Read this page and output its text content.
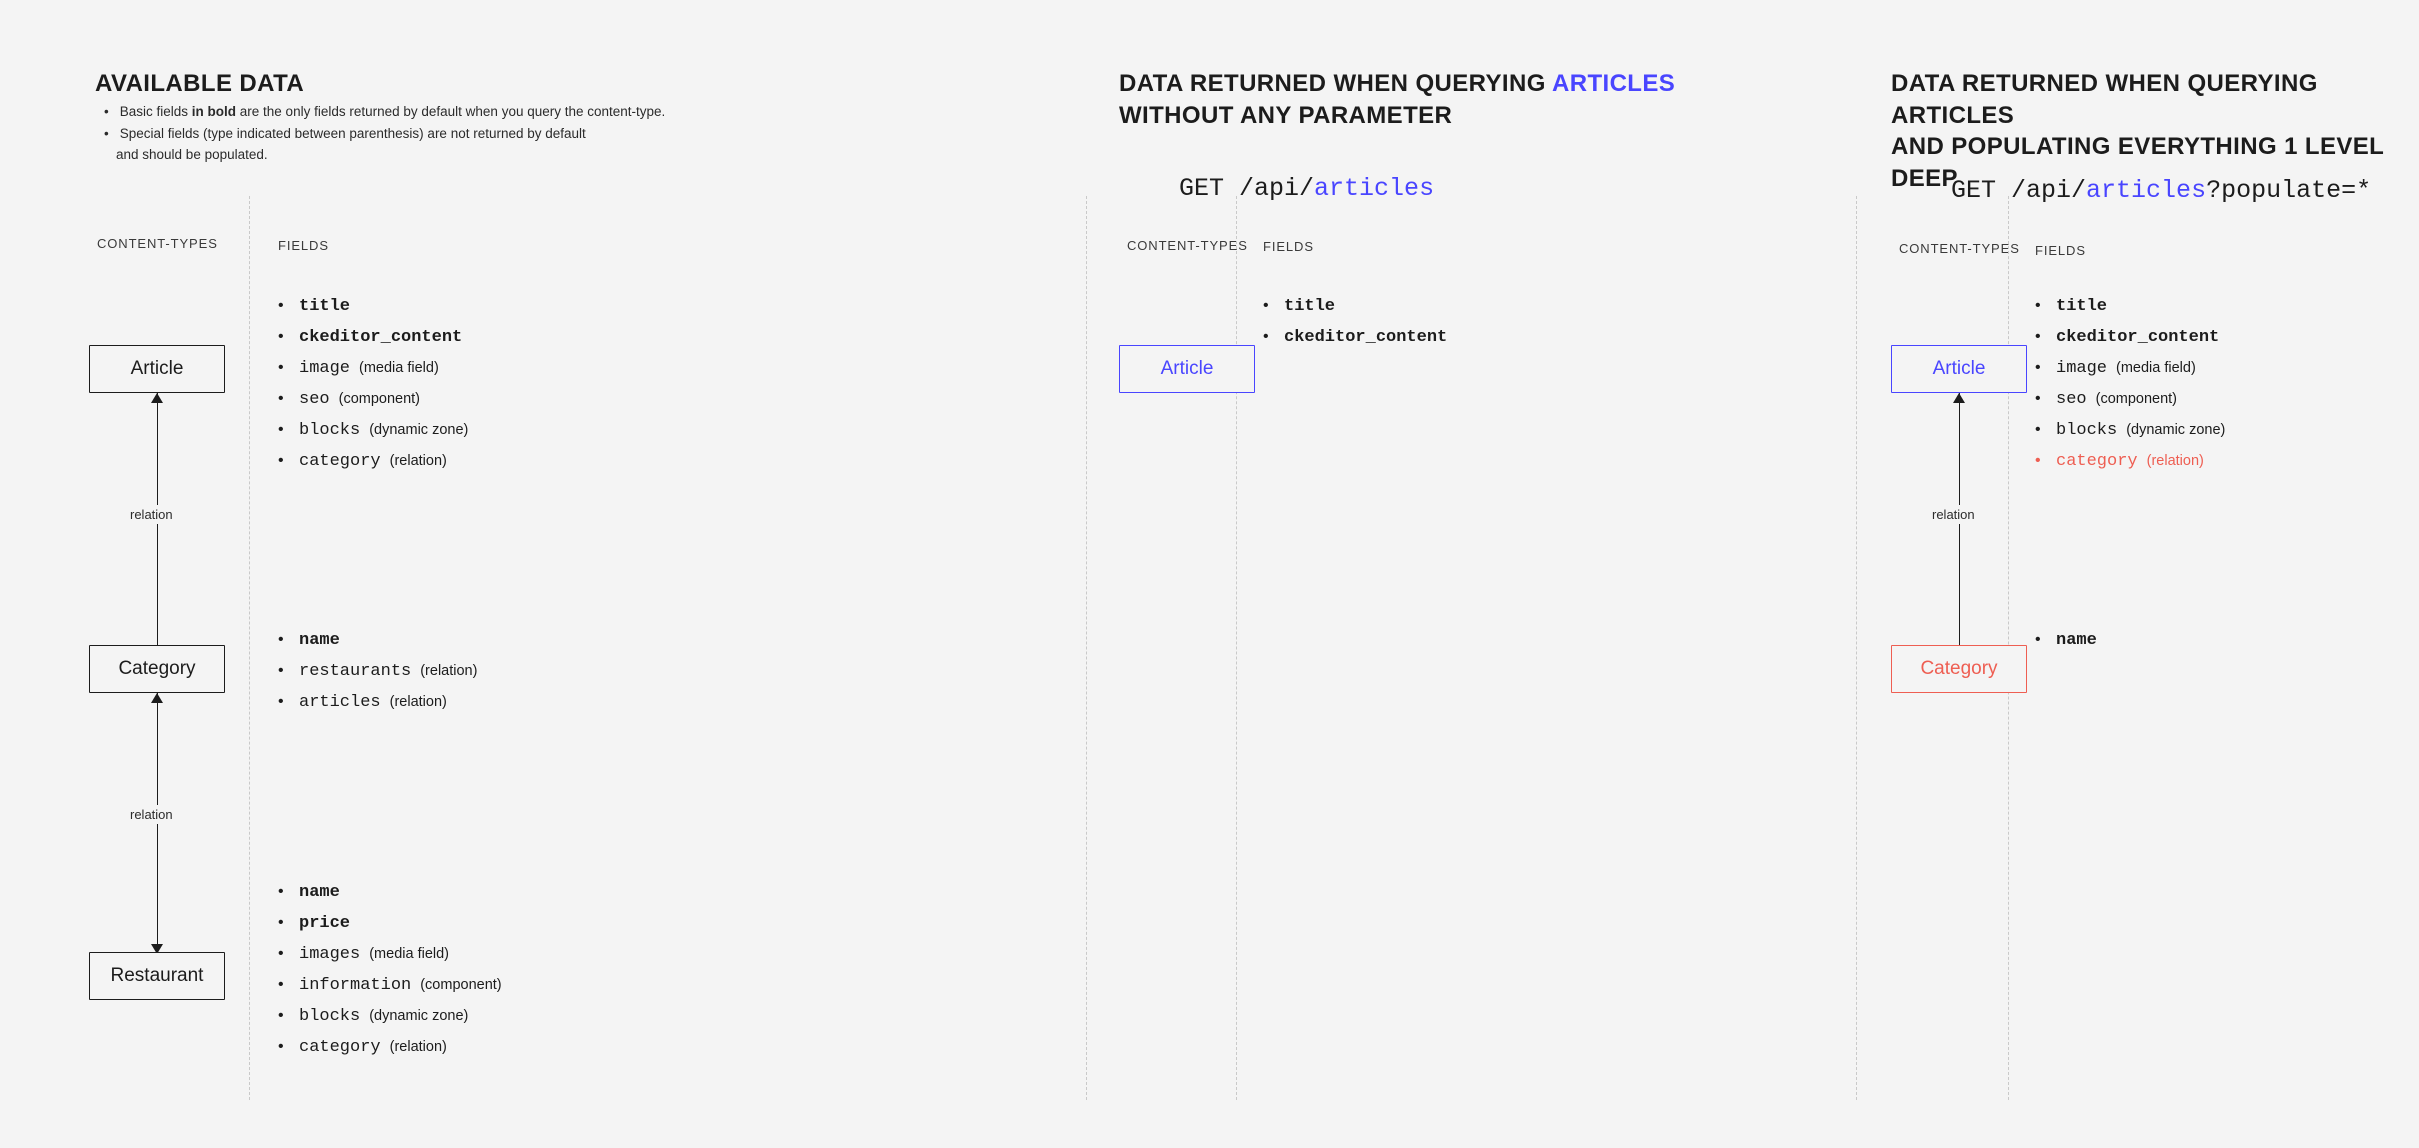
AVAILABLE DATA
• Basic fields in bold are the only fields returned by default when you query the content-type.
• Special fields (type indicated between parenthesis) are not returned by default
and should be populated.
CONTENT-TYPES	FIELDS
Article
relation
Category
relation
Restaurant
• title
• ckeditor_content
• image (media field)
• seo (component)
• blocks (dynamic zone)
• category (relation)
• name
• restaurants (relation)
• articles (relation)
• name
• price
• images (media field)
• information (component)
• blocks (dynamic zone)
• category (relation)
DATA RETURNED WHEN QUERYING ARTICLES
WITHOUT ANY PARAMETER

GET /api/articles

CONTENT-TYPES FIELDS
Article
• title
• ckeditor_content
DATA RETURNED WHEN QUERYING ARTICLES
AND POPULATING EVERYTHING 1 LEVEL DEEP

GET /api/articles?populate=*

CONTENT-TYPES FIELDS
Article
relation
Category
• title
• ckeditor_content
• image (media field)
• seo (component)
• blocks (dynamic zone)
• category (relation)
• name
